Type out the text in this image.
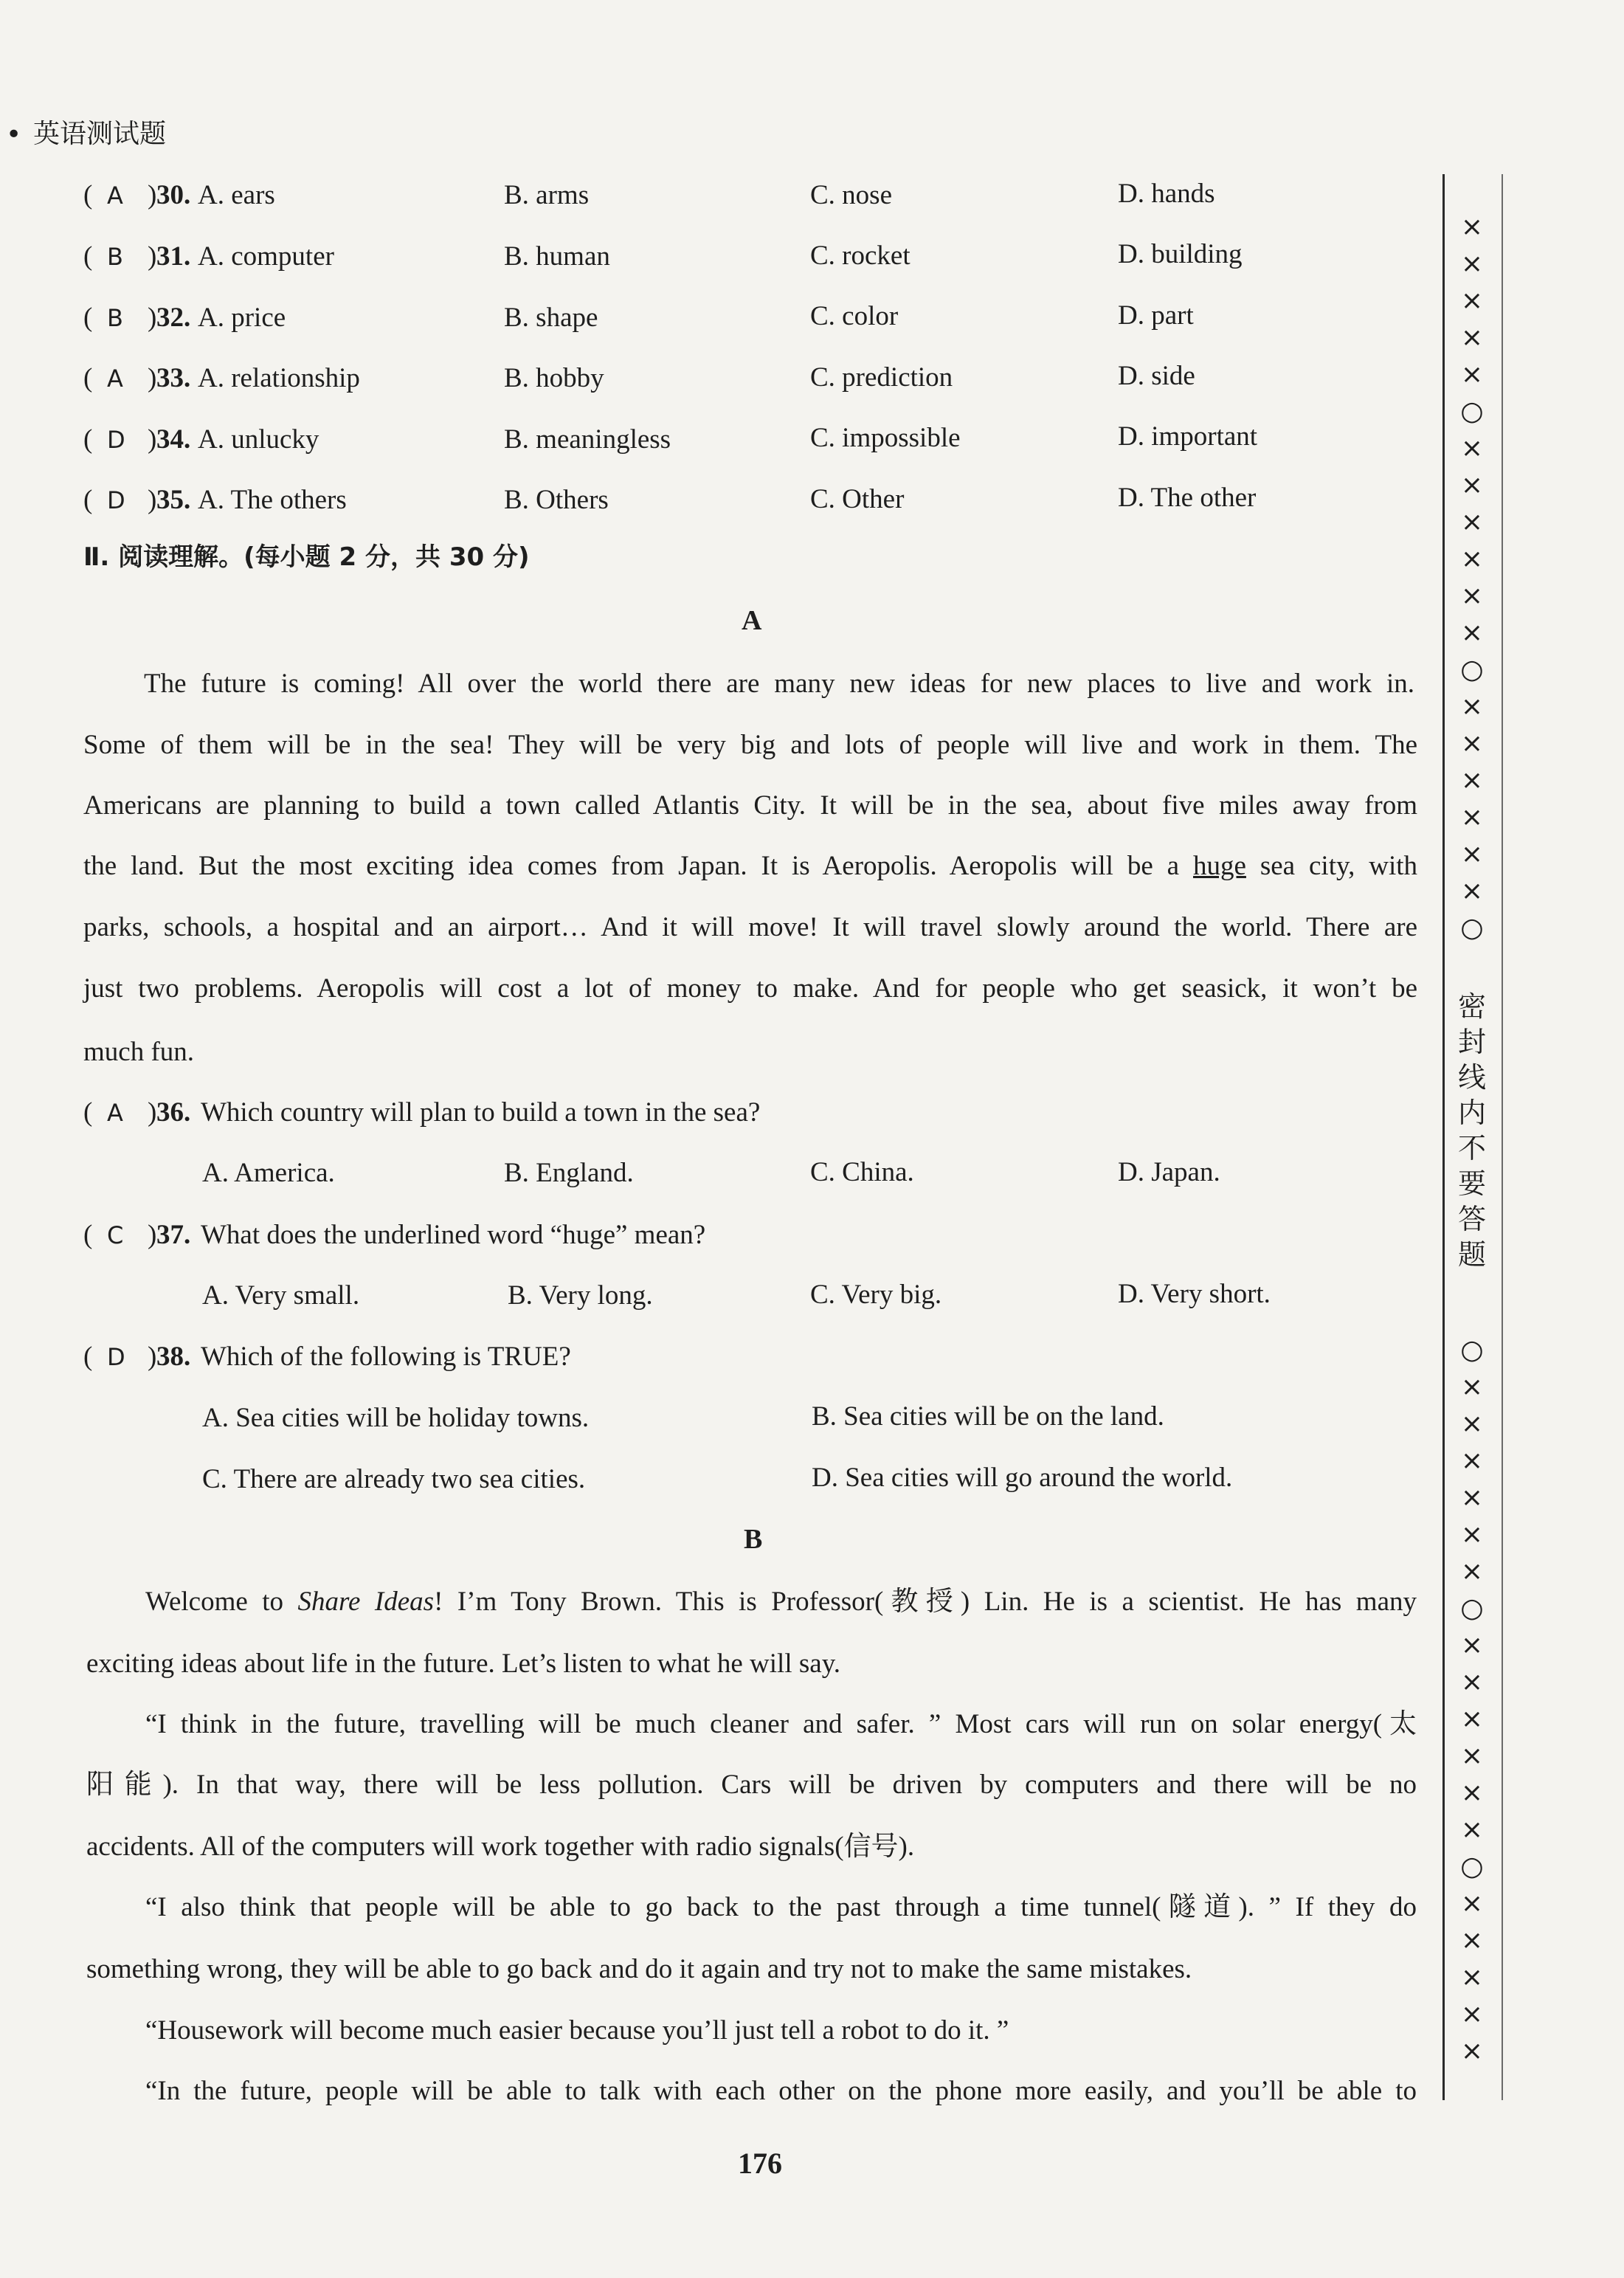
• 英语测试题
( A ) 30. A. ears	B. arms	C. nose	D. hands
( B ) 31. A. computer	B. human	C. rocket	D. building
( B ) 32. A. price	B. shape	C. color	D. part
( A ) 33. A. relationship	B. hobby	C. prediction	D. side
( D ) 34. A. unlucky	B. meaningless	C. impossible	D. important
( D ) 35. A. The others	B. Others	C. Other	D. The other
Ⅱ. 阅读理解。(每小题 2 分，共 30 分)
A
The future is coming! All over the world there are many new ideas for new places to live and work in.
Some of them will be in the sea! They will be very big and lots of people will live and work in them. The
Americans are planning to build a town called Atlantis City. It will be in the sea, about five miles away from
the land. But the most exciting idea comes from Japan. It is Aeropolis. Aeropolis will be a huge sea city, with
parks, schools, a hospital and an airport… And it will move! It will travel slowly around the world. There are
just two problems. Aeropolis will cost a lot of money to make. And for people who get seasick, it won’t be
much fun.
( A ) 36. Which country will plan to build a town in the sea?
A. America.	B. England.	C. China.	D. Japan.
( C ) 37. What does the underlined word “huge” mean?
A. Very small.	B. Very long.	C. Very big.	D. Very short.
( D ) 38. Which of the following is TRUE?
A. Sea cities will be holiday towns.	B. Sea cities will be on the land.
C. There are already two sea cities.	D. Sea cities will go around the world.
B
Welcome to Share Ideas! I’m Tony Brown. This is Professor(教授) Lin. He is a scientist. He has many
exciting ideas about life in the future. Let’s listen to what he will say.
“I think in the future, travelling will be much cleaner and safer. ” Most cars will run on solar energy(太
阳能). In that way, there will be less pollution. Cars will be driven by computers and there will be no
accidents. All of the computers will work together with radio signals(信号).
“I also think that people will be able to go back to the past through a time tunnel(隧道). ” If they do
something wrong, they will be able to go back and do it again and try not to make the same mistakes.
“Housework will become much easier because you’ll just tell a robot to do it. ”
“In the future, people will be able to talk with each other on the phone more easily, and you’ll be able to
176
×
×
×
×
×
○
×
×
×
×
×
×
○
×
×
×
×
×
×
○
密
封
线
内
不
要
答
题
○
×
×
×
×
×
×
○
×
×
×
×
×
×
○
×
×
×
×
×
